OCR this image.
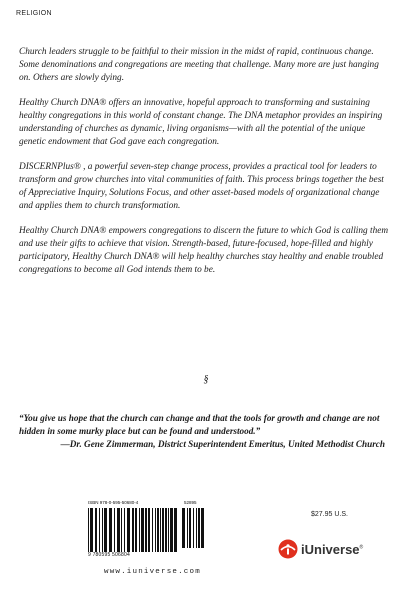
RELIGION

Church leaders struggle to be faithful to their mission in the midst of rapid, continuous change. Some denominations and congregations are meeting that challenge. Many more are just hanging on. Others are slowly dying.

Healthy Church DNA® offers an innovative, hopeful approach to transforming and sustaining healthy congregations in this world of constant change. The DNA metaphor provides an inspiring understanding of churches as dynamic, living organisms—with all the potential of the unique genetic endowment that God gave each congregation.

DISCERNPlus® , a powerful seven-step change process, provides a practical tool for leaders to transform and grow churches into vital communities of faith. This process brings together the best of Appreciative Inquiry, Solutions Focus, and other asset-based models of organizational change and applies them to church transformation.

Healthy Church DNA® empowers congregations to discern the future to which God is calling them and use their gifts to achieve that vision. Strength-based, future-focused, hope-filled and highly participatory, Healthy Church DNA® will help healthy churches stay healthy and enable troubled congregations to become all God intends them to be.

§

“You give us hope that the church can change and that the tools for growth and change are not hidden in some murky place but can be found and understood.”

—Dr. Gene Zimmerman, District Superintendent Emeritus, United Methodist Church

ISBN 978-0-595-50680-4	52895
9 780595 506804
www.iuniverse.com
$27.95 U.S.
iUniverse®
